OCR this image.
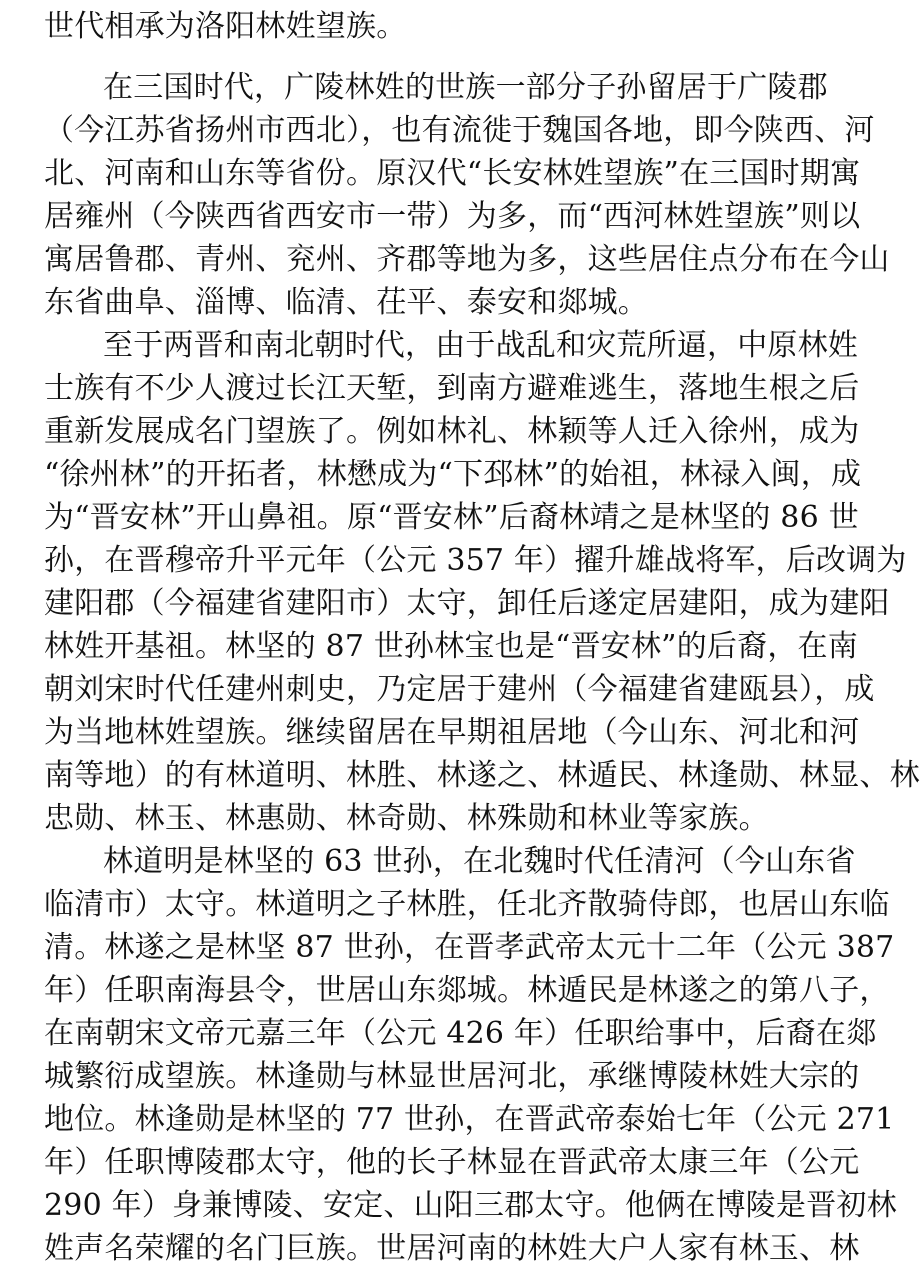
世代相承为洛阳林姓望族。
在三国时代，广陵林姓的世族一部分子孙留居于广陵郡
（今江苏省扬州市西北），也有流徙于魏国各地，即今陕西、河
北、河南和山东等省份。原汉代“长安林姓望族”在三国时期寓
居雍州（今陕西省西安市一带）为多，而“西河林姓望族”则以
寓居鲁郡、青州、兖州、齐郡等地为多，这些居住点分布在今山
东省曲阜、淄博、临清、茌平、泰安和郯城。
至于两晋和南北朝时代，由于战乱和灾荒所逼，中原林姓
士族有不少人渡过长江天堑，到南方避难逃生，落地生根之后
重新发展成名门望族了。例如林礼、林颖等人迁入徐州，成为
“徐州林”的开拓者，林懋成为“下邳林”的始祖，林禄入闽，成
为“晋安林”开山鼻祖。原“晋安林”后裔林靖之是林坚的 86 世
孙，在晋穆帝升平元年（公元 357 年）擢升雄战将军，后改调为
建阳郡（今福建省建阳市）太守，卸任后遂定居建阳，成为建阳
林姓开基祖。林坚的 87 世孙林宝也是“晋安林”的后裔，在南
朝刘宋时代任建州刺史，乃定居于建州（今福建省建瓯县），成
为当地林姓望族。继续留居在早期祖居地（今山东、河北和河
南等地）的有林道明、林胜、林遂之、林遁民、林逢勋、林显、林
忠勋、林玉、林惠勋、林奇勋、林殊勋和林业等家族。
林道明是林坚的 63 世孙，在北魏时代任清河（今山东省
临清市）太守。林道明之子林胜，任北齐散骑侍郎，也居山东临
清。林遂之是林坚 87 世孙，在晋孝武帝太元十二年（公元 387
年）任职南海县令，世居山东郯城。林遁民是林遂之的第八子，
在南朝宋文帝元嘉三年（公元 426 年）任职给事中，后裔在郯
城繁衍成望族。林逢勋与林显世居河北，承继博陵林姓大宗的
地位。林逢勋是林坚的 77 世孙，在晋武帝泰始七年（公元 271
年）任职博陵郡太守，他的长子林显在晋武帝太康三年（公元
290 年）身兼博陵、安定、山阳三郡太守。他俩在博陵是晋初林
姓声名荣耀的名门巨族。世居河南的林姓大户人家有林玉、林
